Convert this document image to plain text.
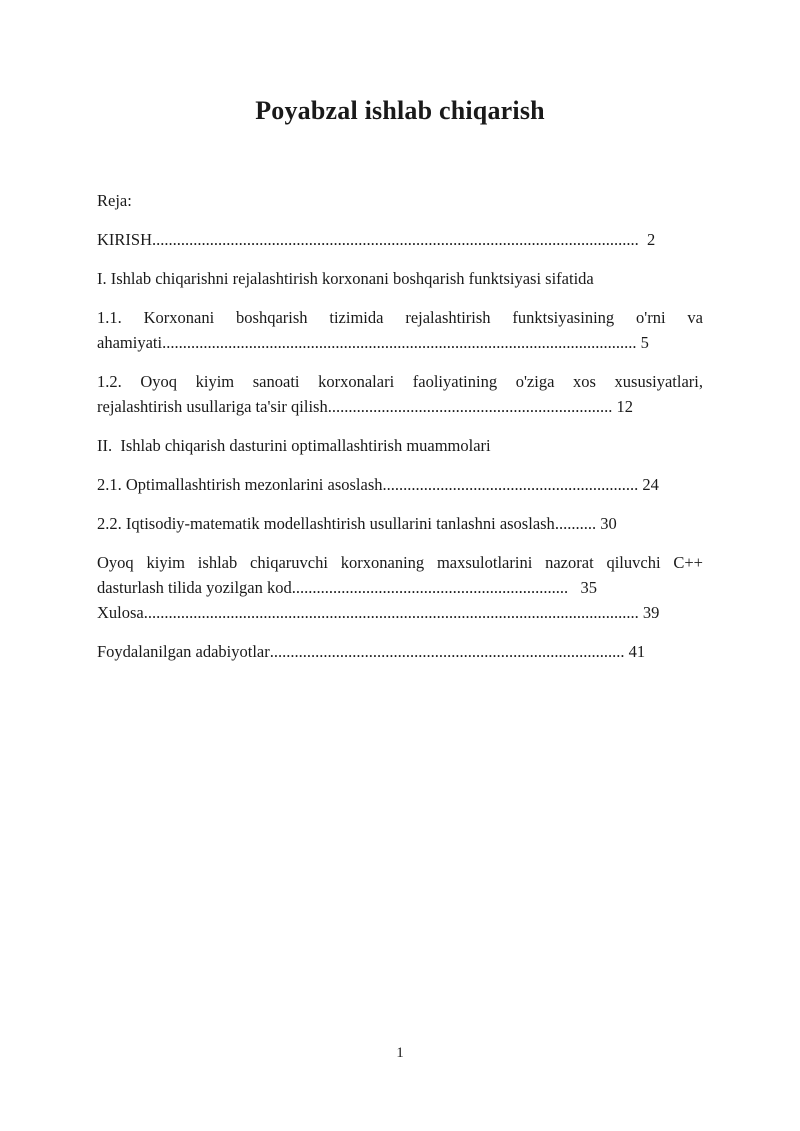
Poyabzal ishlab chiqarish
Reja:
KIRISH ...................................................................................................................... 2
I. Ishlab chiqarishni rejalashtirish korxonani boshqarish funktsiyasi sifatida
1.1. Korxonani boshqarish tizimida rejalashtirish funktsiyasining o'rni va
ahamiyati ................................................................................................................... 5
1.2. Oyoq kiyim sanoati korxonalari faoliyatining o'ziga xos xususiyatlari,
rejalashtirish usullariga ta'sir qilish ..................................................................... 12
II.  Ishlab chiqarish dasturini optimallashtirish muammolari
2.1. Optimallashtirish mezonlarini asoslash .............................................................. 24
2.2. Iqtisodiy-matematik modellashtirish usullarini tanlashni asoslash .......... 30
Oyoq kiyim ishlab chiqaruvchi korxonaning maxsulotlarini nazorat qiluvchi C++
dasturlash tilida yozilgan kod ................................................................... 35
Xulosa ........................................................................................................................ 39
Foydalanilgan adabiyotlar ...................................................................................... 41
1
